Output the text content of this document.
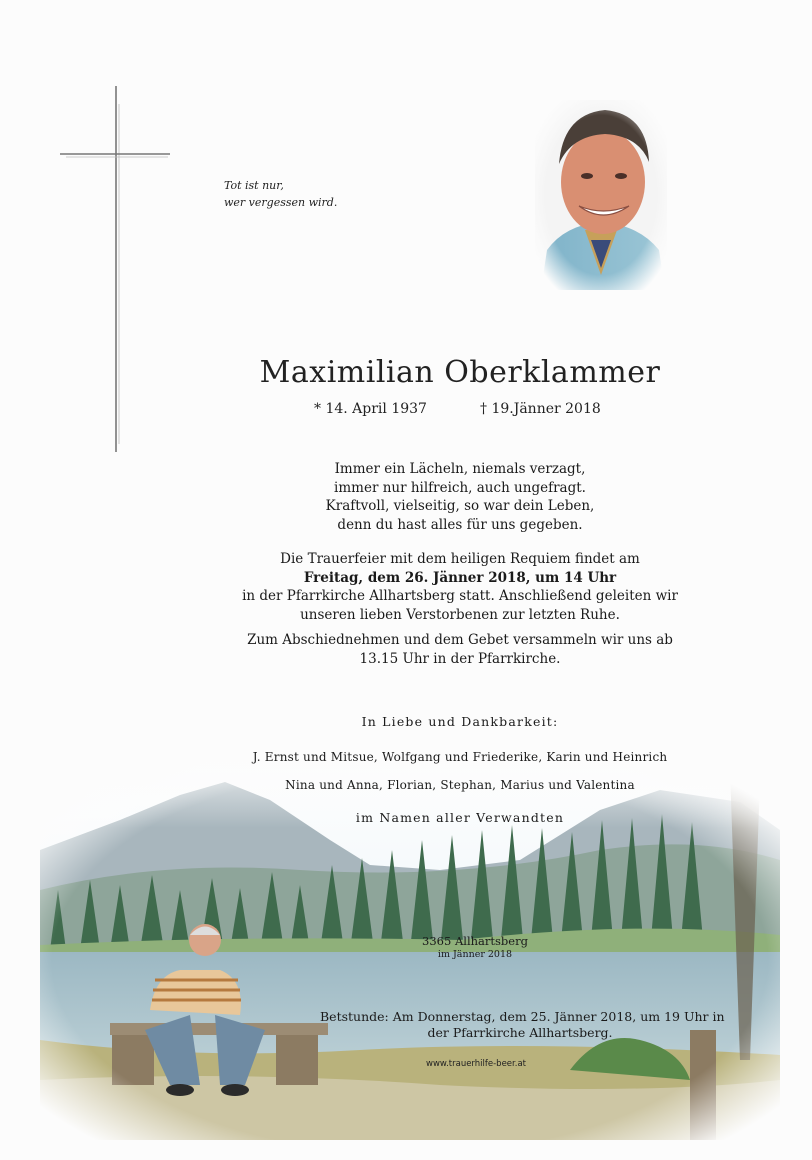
Tot ist nur,
wer vergessen wird.
Maximilian Oberklammer
* 14. April 1937	† 19.Jänner 2018
Immer ein Lächeln, niemals verzagt,
immer nur hilfreich, auch ungefragt.
Kraftvoll, vielseitig, so war dein Leben,
denn du hast alles für uns gegeben.
Die Trauerfeier mit dem heiligen Requiem findet am
Freitag, dem 26. Jänner 2018, um 14 Uhr
in der Pfarrkirche Allhartsberg statt. Anschließend geleiten wir
unseren lieben Verstorbenen zur letzten Ruhe.
Zum Abschiednehmen und dem Gebet versammeln wir uns ab
13.15 Uhr in der Pfarrkirche.
In Liebe und Dankbarkeit:
J. Ernst und Mitsue, Wolfgang und Friederike, Karin und Heinrich
Nina und Anna, Florian, Stephan, Marius und Valentina
im Namen aller Verwandten
3365 Allhartsberg
im Jänner 2018
Betstunde: Am Donnerstag, dem 25. Jänner 2018, um 19 Uhr in
der Pfarrkirche Allhartsberg.
www.trauerhilfe-beer.at
